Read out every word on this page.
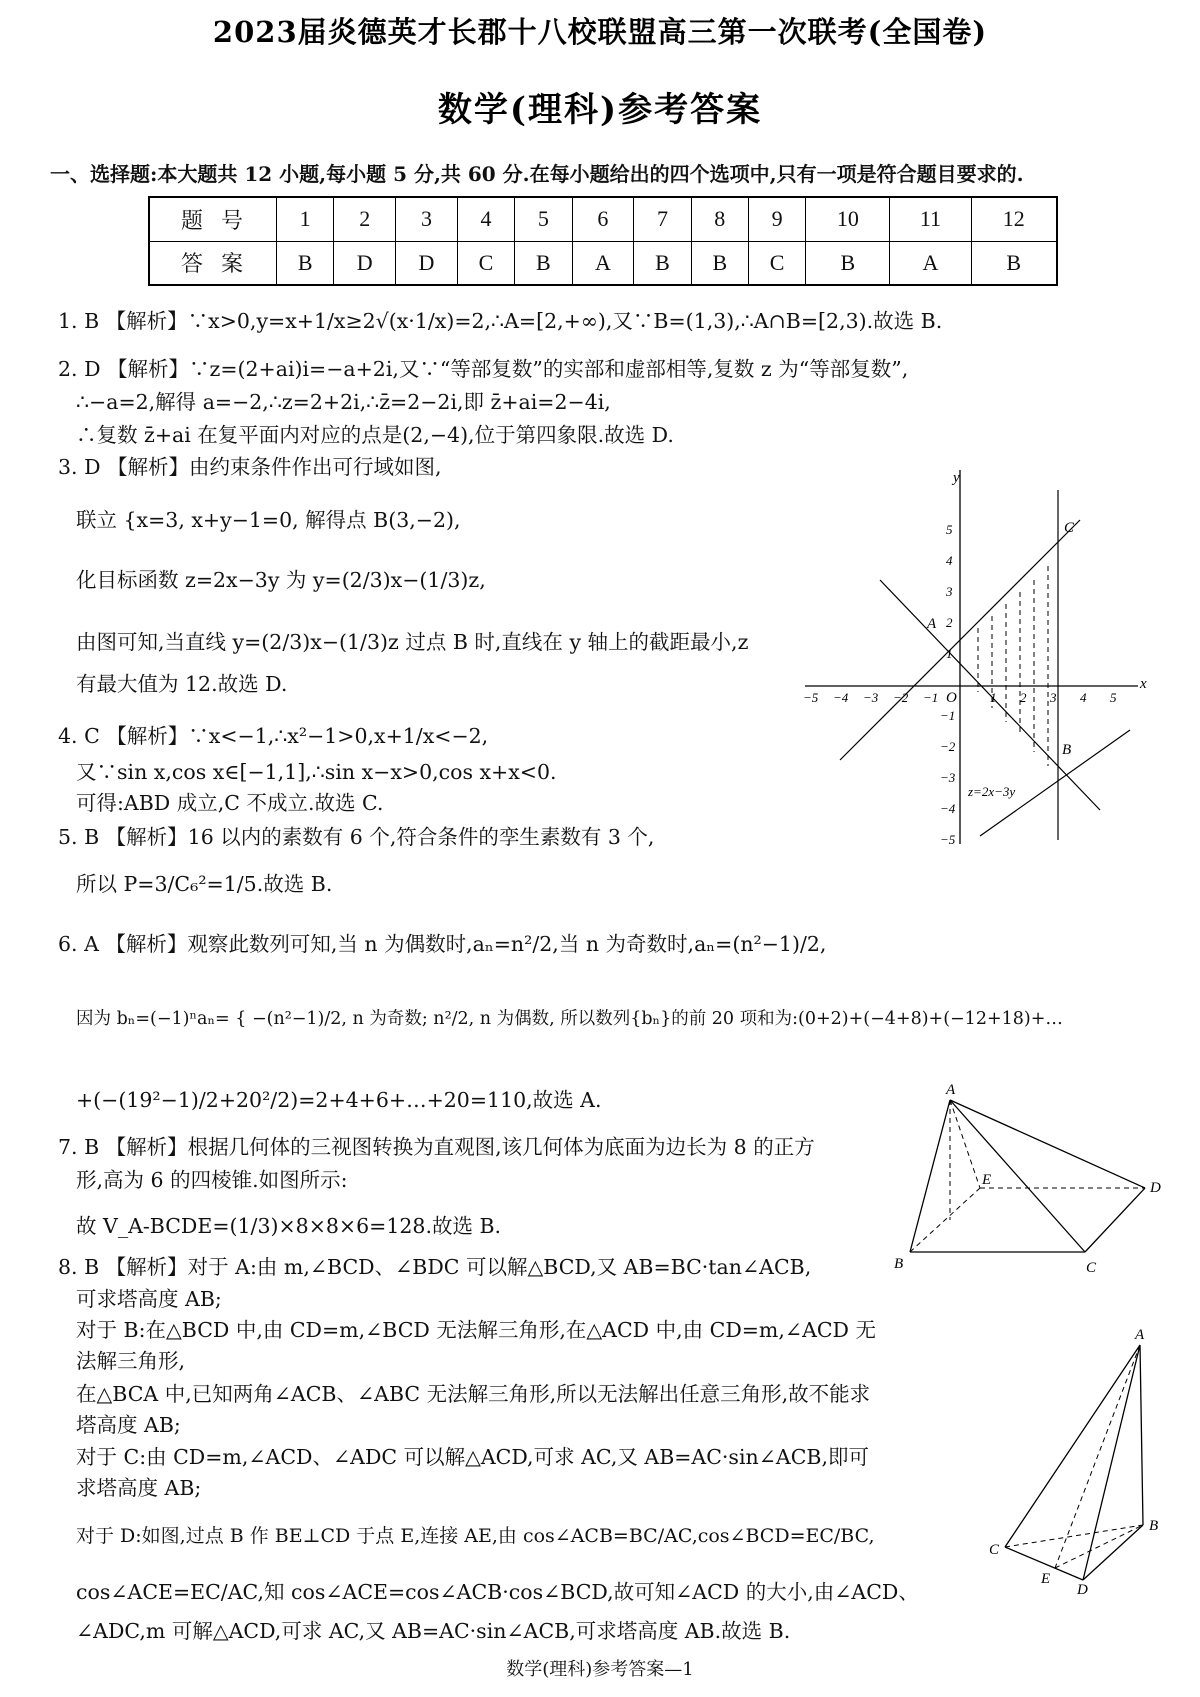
2023届炎德英才长郡十八校联盟高三第一次联考(全国卷)
数学(理科)参考答案
一、选择题:本大题共 12 小题,每小题 5 分,共 60 分.在每小题给出的四个选项中,只有一项是符合题目要求的.
题号	1	2	3	4	5	6	7	8	9	10	11	12
答案	B	D	D	C	B	A	B	B	C	B	A	B
1. B 【解析】∵x>0,y=x+1/x≥2√(x·1/x)=2,∴A=[2,+∞),又∵B=(1,3),∴A∩B=[2,3).故选 B.
2. D 【解析】∵z=(2+ai)i=−a+2i,又∵“等部复数”的实部和虚部相等,复数 z 为“等部复数”,
∴−a=2,解得 a=−2,∴z=2+2i,∴z̄=2−2i,即 z̄+ai=2−4i,
∴复数 z̄+ai 在复平面内对应的点是(2,−4),位于第四象限.故选 D.
3. D 【解析】由约束条件作出可行域如图,
联立 {x=3, x+y−1=0, 解得点 B(3,−2),
化目标函数 z=2x−3y 为 y=(2/3)x−(1/3)z,
由图可知,当直线 y=(2/3)x−(1/3)z 过点 B 时,直线在 y 轴上的截距最小,z
有最大值为 12.故选 D.
4. C 【解析】∵x<−1,∴x²−1>0,x+1/x<−2,
又∵sin x,cos x∈[−1,1],∴sin x−x>0,cos x+x<0.
可得:ABD 成立,C 不成立.故选 C.
5. B 【解析】16 以内的素数有 6 个,符合条件的孪生素数有 3 个,
所以 P=3/C₆²=1/5.故选 B.
6. A 【解析】观察此数列可知,当 n 为偶数时,aₙ=n²/2,当 n 为奇数时,aₙ=(n²−1)/2,
因为 bₙ=(−1)ⁿaₙ= { −(n²−1)/2, n 为奇数; n²/2, n 为偶数, 所以数列{bₙ}的前 20 项和为:(0+2)+(−4+8)+(−12+18)+…
+(−(19²−1)/2+20²/2)=2+4+6+…+20=110,故选 A.
7. B 【解析】根据几何体的三视图转换为直观图,该几何体为底面为边长为 8 的正方
形,高为 6 的四棱锥.如图所示:
故 V_A-BCDE=(1/3)×8×8×6=128.故选 B.
8. B 【解析】对于 A:由 m,∠BCD、∠BDC 可以解△BCD,又 AB=BC·tan∠ACB,
可求塔高度 AB;
对于 B:在△BCD 中,由 CD=m,∠BCD 无法解三角形,在△ACD 中,由 CD=m,∠ACD 无
法解三角形,
在△BCA 中,已知两角∠ACB、∠ABC 无法解三角形,所以无法解出任意三角形,故不能求
塔高度 AB;
对于 C:由 CD=m,∠ACD、∠ADC 可以解△ACD,可求 AC,又 AB=AC·sin∠ACB,即可
求塔高度 AB;
对于 D:如图,过点 B 作 BE⊥CD 于点 E,连接 AE,由 cos∠ACB=BC/AC,cos∠BCD=EC/BC,
cos∠ACE=EC/AC,知 cos∠ACE=cos∠ACB·cos∠BCD,故可知∠ACD 的大小,由∠ACD、
∠ADC,m 可解△ACD,可求 AC,又 AB=AC·sin∠ACB,可求塔高度 AB.故选 B.
y
x
O
A
B
C
z=2x−3y
−5 −4 −3 −2 −1	1 2 3 4 5
5
4
3
2
1
−1
−2
−3
−4
−5
A
B	C
D
E
A
B
C
D
E
数学(理科)参考答案—1
